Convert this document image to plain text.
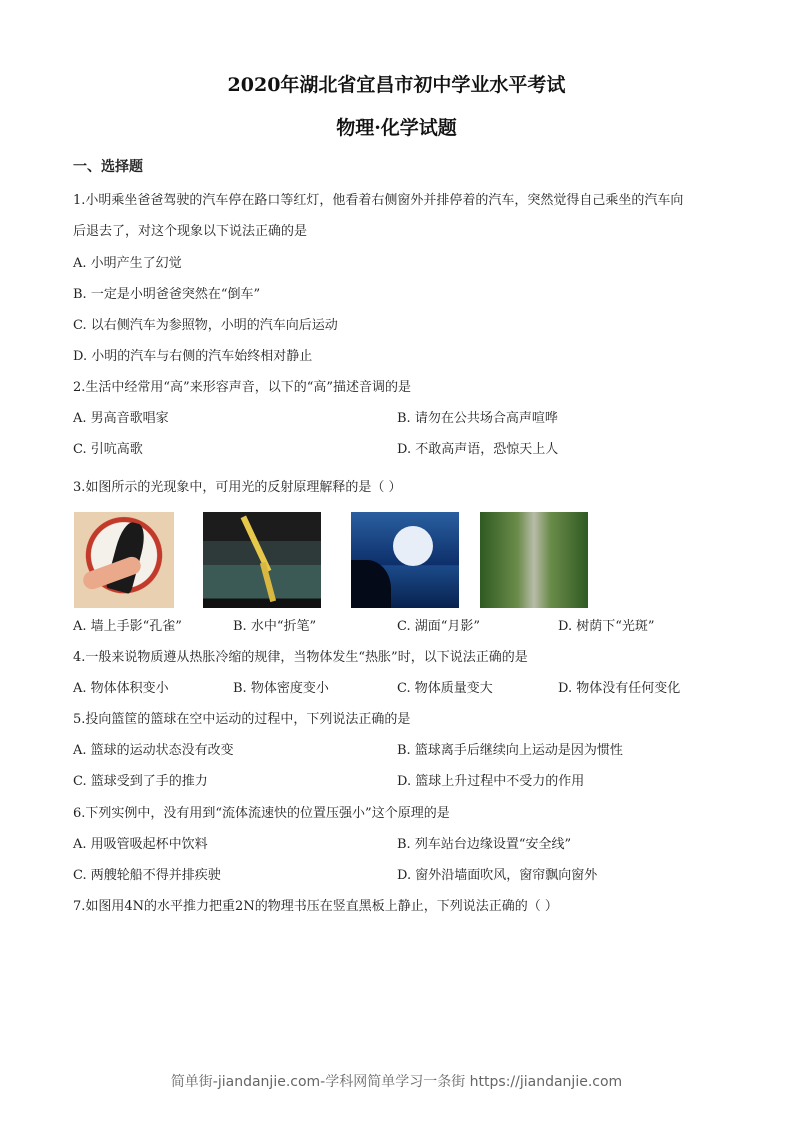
2020年湖北省宜昌市初中学业水平考试
物理·化学试题
一、选择题
1.小明乘坐爸爸驾驶的汽车停在路口等红灯，他看着右侧窗外并排停着的汽车，突然觉得自己乘坐的汽车向
后退去了，对这个现象以下说法正确的是
A. 小明产生了幻觉
B. 一定是小明爸爸突然在“倒车”
C. 以右侧汽车为参照物，小明的汽车向后运动
D. 小明的汽车与右侧的汽车始终相对静止
2.生活中经常用“高”来形容声音，以下的“高”描述音调的是
A. 男高音歌唱家	B. 请勿在公共场合高声喧哗
C. 引吭高歌	D. 不敢高声语，恐惊天上人
3.如图所示的光现象中，可用光的反射原理解释的是（ ）
A. 墙上手影“孔雀”	B. 水中“折笔”	C. 湖面“月影”	D. 树荫下“光斑”
4.一般来说物质遵从热胀冷缩的规律，当物体发生“热胀”时，以下说法正确的是
A. 物体体积变小	B. 物体密度变小	C. 物体质量变大	D. 物体没有任何变化
5.投向篮筐的篮球在空中运动的过程中，下列说法正确的是
A. 篮球的运动状态没有改变	B. 篮球离手后继续向上运动是因为惯性
C. 篮球受到了手的推力	D. 篮球上升过程中不受力的作用
6.下列实例中，没有用到“流体流速快的位置压强小”这个原理的是
A. 用吸管吸起杯中饮料	B. 列车站台边缘设置“安全线”
C. 两艘轮船不得并排疾驶	D. 窗外沿墙面吹风，窗帘飘向窗外
7.如图用4N的水平推力把重2N的物理书压在竖直黑板上静止，下列说法正确的（ ）
简单街-jiandanjie.com-学科网简单学习一条街 https://jiandanjie.com
